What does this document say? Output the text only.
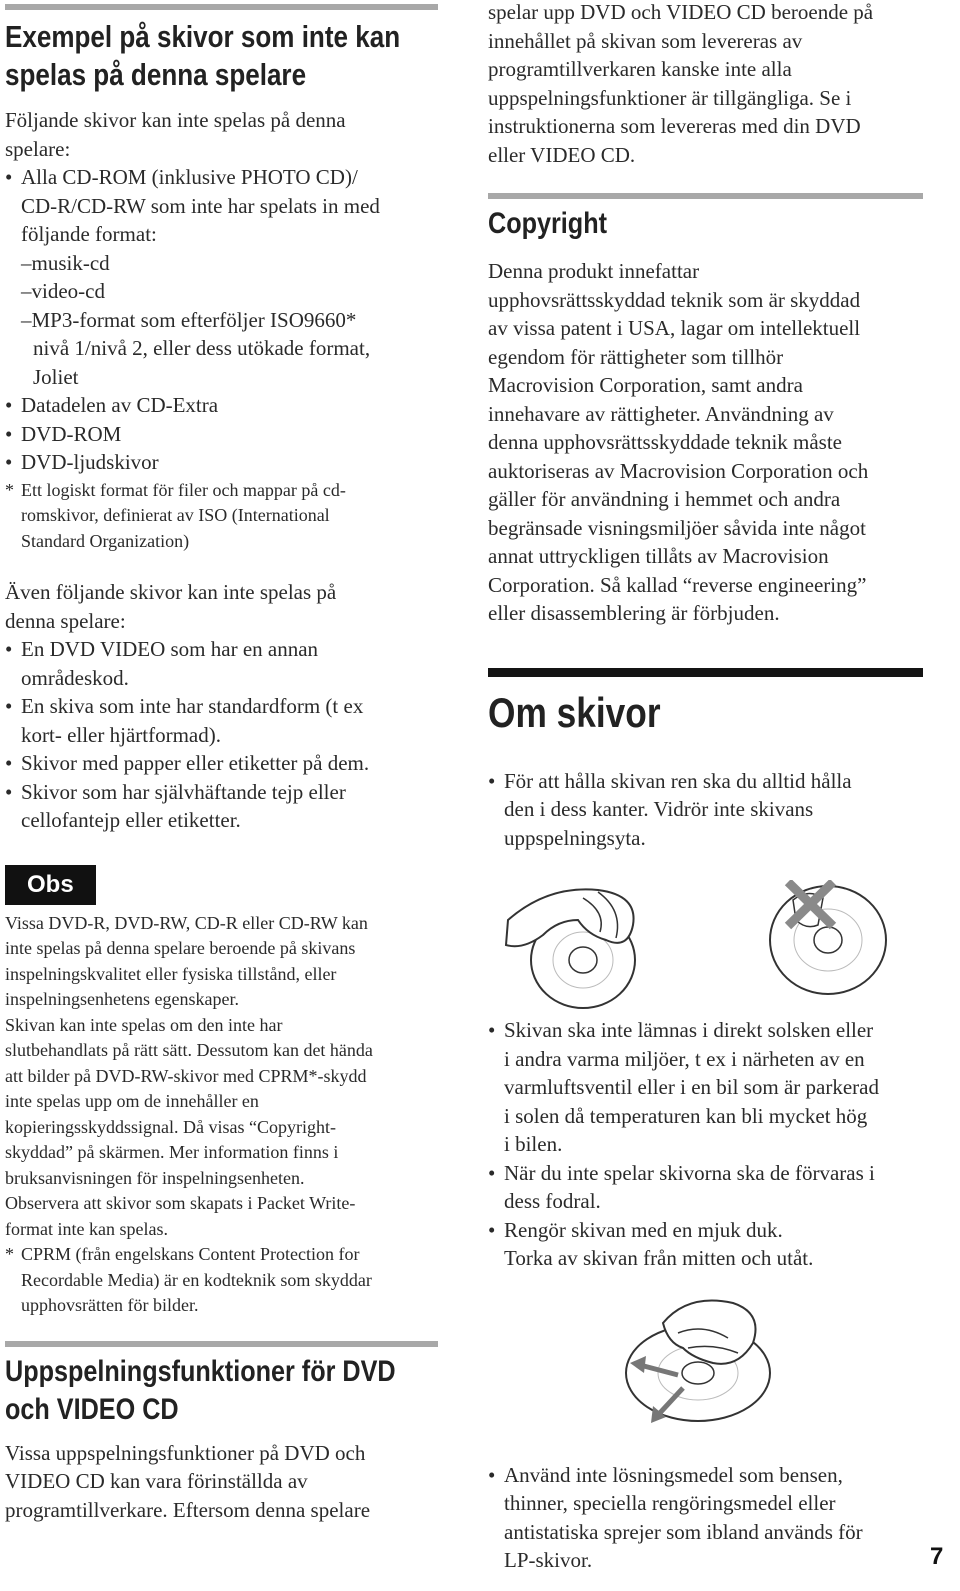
Exempel på skivor som inte kan
spelas på denna spelare

Följande skivor kan inte spelas på denna

spelare:

• Alla CD-ROM (inklusive PHOTO CD)/
CD-R/CD-RW som inte har spelats in med
följande format:
–musik-cd
–video-cd
–MP3-format som efterföljer ISO9660*
nivå 1/nivå 2, eller dess utökade format,
Joliet
• Datadelen av CD-Extra
• DVD-ROM
• DVD-ljudskivor
* Ett logiskt format för filer och mappar på cd-
romskivor, definierat av ISO (International
Standard Organization)

Även följande skivor kan inte spelas på

denna spelare:

• En DVD VIDEO som har en annan
områdeskod.
• En skiva som inte har standardform (t ex
kort- eller hjärtformad).
• Skivor med papper eller etiketter på dem.
• Skivor som har självhäftande tejp eller
cellofantejp eller etiketter.
Obs

Vissa DVD-R, DVD-RW, CD-R eller CD-RW kan

inte spelas på denna spelare beroende på skivans

inspelningskvalitet eller fysiska tillstånd, eller

inspelningsenhetens egenskaper.

Skivan kan inte spelas om den inte har

slutbehandlats på rätt sätt. Dessutom kan det hända

att bilder på DVD-RW-skivor med CPRM*-skydd

inte spelas upp om de innehåller en

kopieringsskyddssignal. Då visas “Copyright-

skyddad” på skärmen. Mer information finns i

bruksanvisningen för inspelningsenheten.

Observera att skivor som skapats i Packet Write-

format inte kan spelas.

* CPRM (från engelskans Content Protection for
Recordable Media) är en kodteknik som skyddar
upphovsrätten för bilder.
Uppspelningsfunktioner för DVD
och VIDEO CD

Vissa uppspelningsfunktioner på DVD och

VIDEO CD kan vara förinställda av

programtillverkare. Eftersom denna spelare

spelar upp DVD och VIDEO CD beroende på

innehållet på skivan som levereras av

programtillverkaren kanske inte alla

uppspelningsfunktioner är tillgängliga. Se i

instruktionerna som levereras med din DVD

eller VIDEO CD.

Copyright

Denna produkt innefattar

upphovsrättsskyddad teknik som är skyddad

av vissa patent i USA, lagar om intellektuell

egendom för rättigheter som tillhör

Macrovision Corporation, samt andra

innehavare av rättigheter. Användning av

denna upphovsrättsskyddade teknik måste

auktoriseras av Macrovision Corporation och

gäller för användning i hemmet och andra

begränsade visningsmiljöer såvida inte något

annat uttryckligen tillåts av Macrovision

Corporation. Så kallad “reverse engineering”

eller disassemblering är förbjuden.

Om skivor
• För att hålla skivan ren ska du alltid hålla
den i dess kanter. Vidrör inte skivans
uppspelningsyta.
• Skivan ska inte lämnas i direkt solsken eller
i andra varma miljöer, t ex i närheten av en
varmluftsventil eller i en bil som är parkerad
i solen då temperaturen kan bli mycket hög
i bilen.
• När du inte spelar skivorna ska de förvaras i
dess fodral.
• Rengör skivan med en mjuk duk.
Torka av skivan från mitten och utåt.
• Använd inte lösningsmedel som bensen,
thinner, speciella rengöringsmedel eller
antistatiska sprejer som ibland används för
LP-skivor.	7
